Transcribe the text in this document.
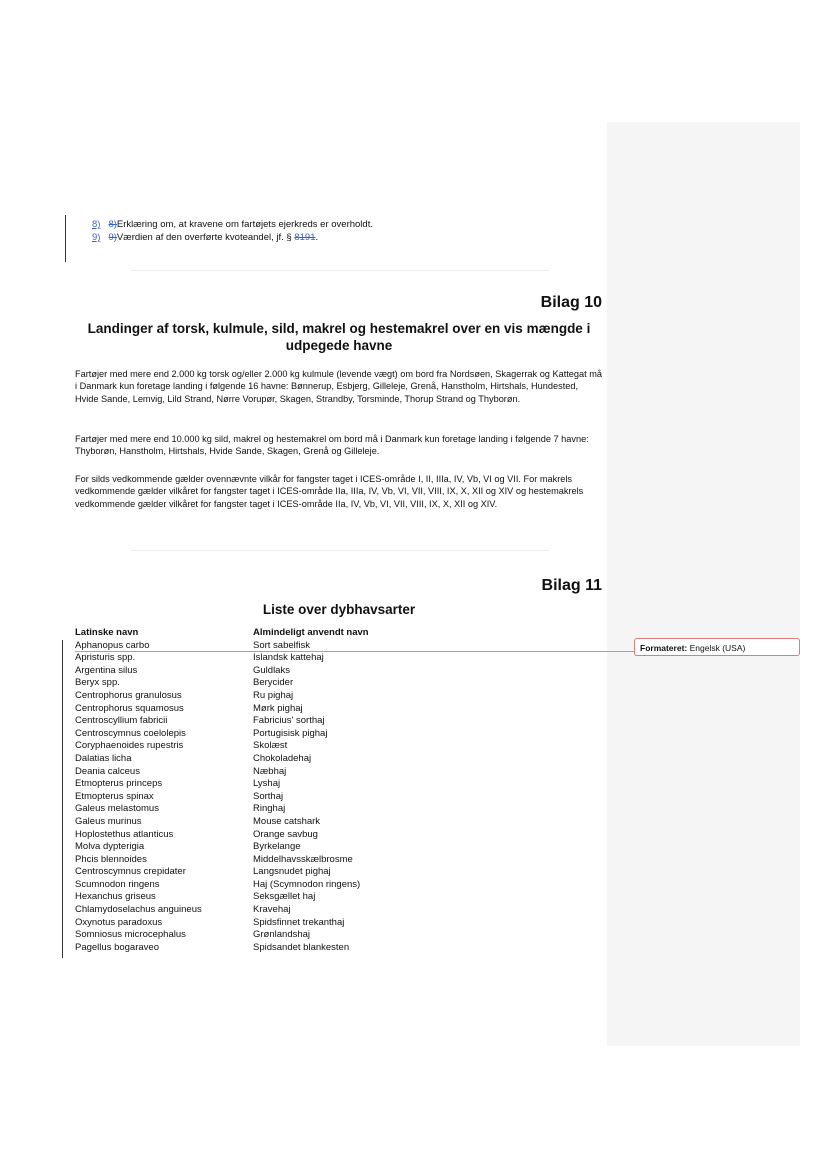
8) 8)Erklæring om, at kravene om fartøjets ejerkreds er overholdt.
9) 9)Værdien af den overførte kvoteandel, jf. § 8191.
Bilag 10
Landinger af torsk, kulmule, sild, makrel og hestemakrel over en vis mængde i udpegede havne

Fartøjer med mere end 2.000 kg torsk og/eller 2.000 kg kulmule (levende vægt) om bord fra Nordsøen, Skagerrak og Kattegat må i Danmark kun foretage landing i følgende 16 havne: Bønnerup, Esbjerg, Gilleleje, Grenå, Hanstholm, Hirtshals, Hundested, Hvide Sande, Lemvig, Lild Strand, Nørre Vorupør, Skagen, Strandby, Torsminde, Thorup Strand og Thyborøn.

Fartøjer med mere end 10.000 kg sild, makrel og hestemakrel om bord må i Danmark kun foretage landing i følgende 7 havne: Thyborøn, Hanstholm, Hirtshals, Hvide Sande, Skagen, Grenå og Gilleleje.

For silds vedkommende gælder ovennævnte vilkår for fangster taget i ICES-område I, II, IIIa, IV, Vb, VI og VII. For makrels vedkommende gælder vilkåret for fangster taget i ICES-område IIa, IIIa, IV, Vb, VI, VII, VIII, IX, X, XII og XIV og hestemakrels vedkommende gælder vilkåret for fangster taget i ICES-område IIa, IV, Vb, VI, VII, VIII, IX, X, XII og XIV.

Bilag 11
Liste over dybhavsarter
Latinske navn	Almindeligt anvendt navn
Aphanopus carbo	Sort sabelfisk
Apristuris spp.	Islandsk kattehaj
Argentina silus	Guldlaks
Beryx spp.	Berycider
Centrophorus granulosus	Ru pighaj
Centrophorus squamosus	Mørk pighaj
Centroscyllium fabricii	Fabricius' sorthaj
Centroscymnus coelolepis	Portugisisk pighaj
Coryphaenoides rupestris	Skolæst
Dalatias licha	Chokoladehaj
Deania calceus	Næbhaj
Etmopterus princeps	Lyshaj
Etmopterus spinax	Sorthaj
Galeus melastomus	Ringhaj
Galeus murinus	Mouse catshark
Hoplostethus atlanticus	Orange savbug
Molva dypterigia	Byrkelange
Phcis blennoides	Middelhavsskælbrosme
Centroscymnus crepidater	Langsnudet pighaj
Scumnodon ringens	Haj (Scymnodon ringens)
Hexanchus griseus	Seksgællet haj
Chlamydoselachus anguineus	Kravehaj
Oxynotus paradoxus	Spidsfinnet trekanthaj
Somniosus microcephalus	Grønlandshaj
Pagellus bogaraveo	Spidsandet blankesten
Formateret: Engelsk (USA)
